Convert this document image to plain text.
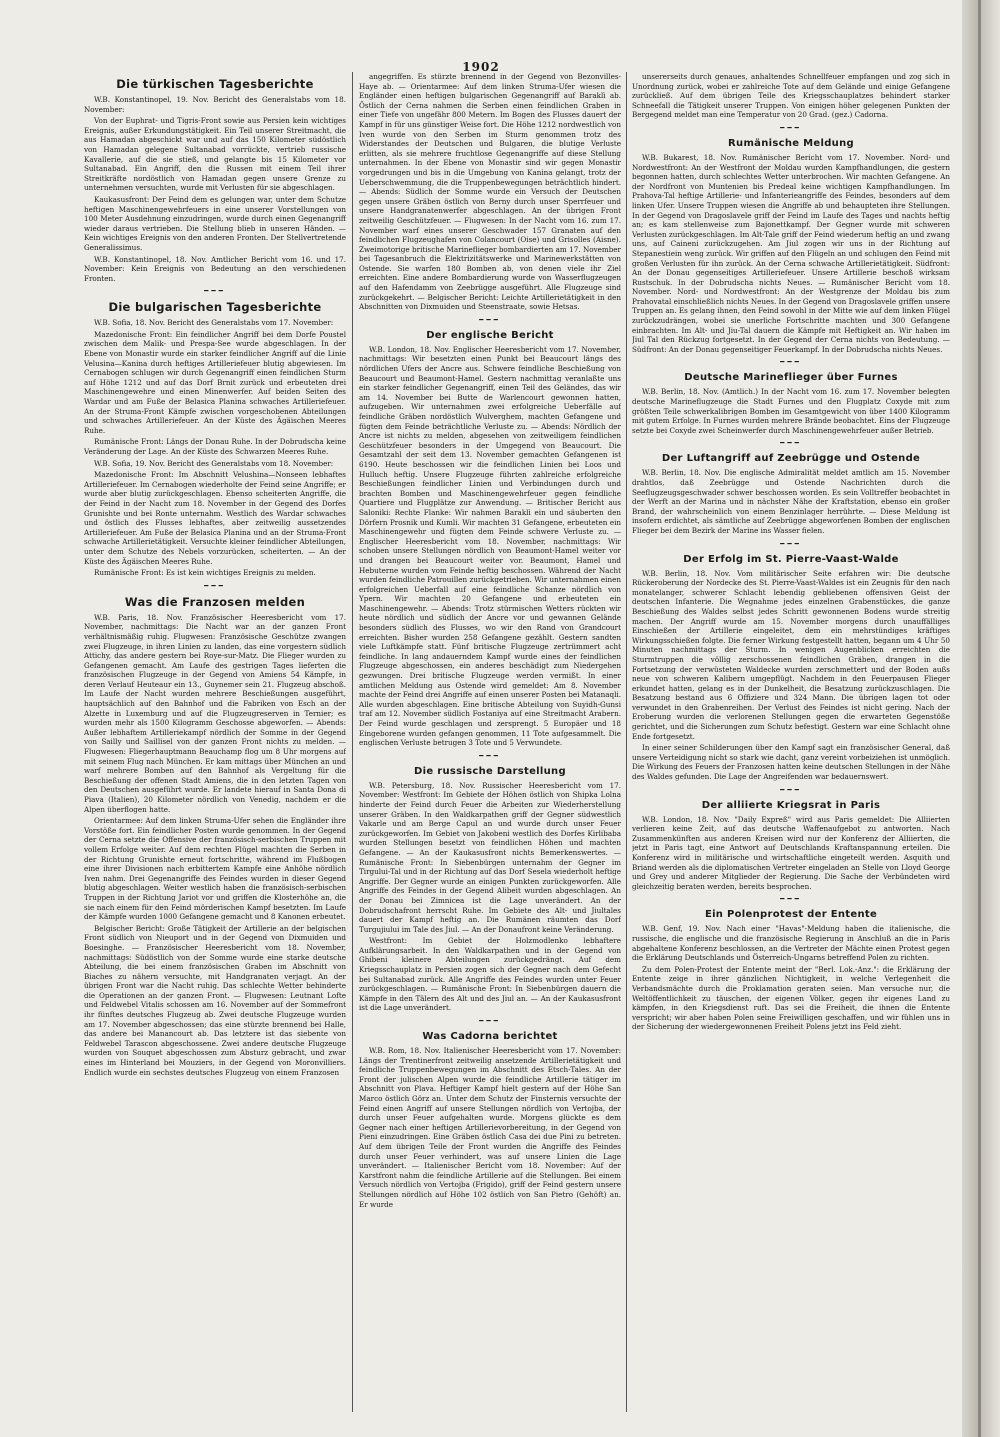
1902
Die türkischen Tagesberichte

W.B. Konstantinopel, 19. Nov. Bericht des Generalstabs vom 18. November:

Von der Euphrat- und Tigris-Front sowie aus Persien kein wichtiges Ereignis, außer Erkundungstätigkeit. Ein Teil unserer Streitmacht, die aus Hamadan abgeschickt war und auf das 150 Kilometer südöstlich von Hamadan gelegene Sultanabad vorrückte, vertrieb russische Kavallerie, auf die sie stieß, und gelangte bis 15 Kilometer vor Sultanabad. Ein Angriff, den die Russen mit einem Teil ihrer Streitkräfte nordöstlich von Hamadan gegen unsere Grenze zu unternehmen versuchten, wurde mit Verlusten für sie abgeschlagen.

Kaukasusfront: Der Feind dem es gelungen war, unter dem Schutze heftigen Maschinengewehrfeuers in eine unserer Vorstellungen von 100 Meter Ausdehnung einzudringen, wurde durch einen Gegenangriff wieder daraus vertrieben. Die Stellung blieb in unseren Händen. — Kein wichtiges Ereignis von den anderen Fronten. Der Stellvertretende Generalissimus.

W.B. Konstantinopel, 18. Nov. Amtlicher Bericht vom 16. und 17. November: Kein Ereignis von Bedeutung an den verschiedenen Fronten.

━━━
Die bulgarischen Tagesberichte

W.B. Sofia, 18. Nov. Bericht des Generalstabs vom 17. November:

Mazedonische Front: Ein feindlicher Angriff bei dem Dorfe Poustel zwischen dem Malik- und Prespa-See wurde abgeschlagen. In der Ebene von Monastir wurde ein starker feindlicher Angriff auf die Linie Velusina—Kanina durch heftiges Artilleriefeuer blutig abgewiesen. Im Cernabogen schlugen wir durch Gegenangriff einen feindlichen Sturm auf Höhe 1212 und auf das Dorf Brnit zurück und erbeuteten drei Maschinengewehre und einen Minenwerfer. Auf beiden Seiten des Wardar und am Fuße der Belasica Planina schwaches Artilleriefeuer. An der Struma-Front Kämpfe zwischen vorgeschobenen Abteilungen und schwaches Artilleriefeuer. An der Küste des Ägäischen Meeres Ruhe.

Rumänische Front: Längs der Donau Ruhe. In der Dobrudscha keine Veränderung der Lage. An der Küste des Schwarzen Meeres Ruhe.

W.B. Sofia, 19. Nov. Bericht des Generalstabs vom 18. November:

Mazedonische Front: Im Abschnitt Velushina—Nonseen lebhaftes Artilleriefeuer. Im Cernabogen wiederholte der Feind seine Angriffe; er wurde aber blutig zurückgeschlagen. Ebenso scheiterten Angriffe, die der Feind in der Nacht zum 18. November in der Gegend des Dorfes Grunishte und bei Ronte unternahm. Westlich des Wardar schwaches und östlich des Flusses lebhaftes, aber zeitweilig aussetzendes Artilleriefeuer. Am Fuße der Belasica Planina und an der Struma-Front schwache Artillerietätigkeit. Versuchte kleiner feindlicher Abteilungen, unter dem Schutze des Nebels vorzurücken, scheiterten. — An der Küste des Ägäischen Meeres Ruhe.

Rumänische Front: Es ist kein wichtiges Ereignis zu melden.

━━━
Was die Franzosen melden

W.B. Paris, 18. Nov. Französischer Heeresbericht vom 17. November, nachmittags: Die Nacht war an der ganzen Front verhältnismäßig ruhig. Flugwesen: Französische Geschütze zwangen zwei Flugzeuge, in ihren Linien zu landen, das eine vorgestern südlich Attichy, das andere gestern bei Roye-sur-Matz. Die Flieger wurden zu Gefangenen gemacht. Am Laufe des gestrigen Tages lieferten die französischen Flugzeuge in der Gegend von Amiens 54 Kämpfe, in deren Verlauf Heuteaur ein 13., Guynemer sein 21. Flugzeug abschoß. Im Laufe der Nacht wurden mehrere Beschießungen ausgeführt, hauptsächlich auf den Bahnhof und die Fabriken von Esch an der Alzette in Luxemburg und auf die Flugzeugreserven in Ternier; es wurden mehr als 1500 Kilogramm Geschosse abgeworfen. — Abends: Außer lebhaftem Artilleriekampf nördlich der Somme in der Gegend von Sailly und Saillisel von der ganzen Front nichts zu melden. — Flugwesen: Fliegerhauptmann Beauchamp flog um 8 Uhr morgens auf mit seinem Flug nach München. Er kam mittags über München an und warf mehrere Bomben auf den Bahnhof als Vergeltung für die Beschießung der offenen Stadt Amiens, die in den letzten Tagen von den Deutschen ausgeführt wurde. Er landete hierauf in Santa Dona di Piava (Italien), 20 Kilometer nördlich von Venedig, nachdem er die Alpen überflogen hatte.

Orientarmee: Auf dem linken Struma-Ufer sehen die Engländer ihre Vorstöße fort. Ein feindlicher Posten wurde genommen. In der Gegend der Cerna setzte die Offensive der französisch-serbischen Truppen mit vollem Erfolge weiter. Auf dem rechten Flügel machten die Serben in der Richtung Grunishte erneut fortschritte, während im Flußbogen eine ihrer Divisionen nach erbittertem Kampfe eine Anhöhe nördlich Iven nahm. Drei Gegenangriffe des Feindes wurden in dieser Gegend blutig abgeschlagen. Weiter westlich haben die französisch-serbischen Truppen in der Richtung Jariot vor und griffen die Klosterhöhe an, die sie nach einem für den Feind mörderischen Kampf besetzten. Im Laufe der Kämpfe wurden 1000 Gefangene gemacht und 8 Kanonen erbeutet.

Belgischer Bericht: Große Tätigkeit der Artillerie an der belgischen Front südlich von Nieuport und in der Gegend von Dixmuiden und Boesinghe. — Französischer Heeresbericht vom 18. November, nachmittags: Südöstlich von der Somme wurde eine starke deutsche Abteilung, die bei einem französischen Graben im Abschnitt von Biaches zu nähern versuchte, mit Handgranaten verjagt. An der übrigen Front war die Nacht ruhig. Das schlechte Wetter behinderte die Operationen an der ganzen Front. — Flugwesen: Leutnant Lofte und Feldwebel Vitalis schossen am 16. November auf der Sommefront ihr fünftes deutsches Flugzeug ab. Zwei deutsche Flugzeuge wurden am 17. November abgeschossen; das eine stürzte brennend bei Halle, das andere bei Manancourt ab. Das letztere ist das siebente von Feldwebel Tarascon abgeschossene. Zwei andere deutsche Flugzeuge wurden von Souquet abgeschossen zum Absturz gebracht, und zwar eines im Hinterland bei Mouziers, in der Gegend von Moronvilliers. Endlich wurde ein sechstes deutsches Flugzeug von einem Franzosen

angegriffen. Es stürzte brennend in der Gegend von Bezonvilles-Haye ab. — Orientarmee: Auf dem linken Struma-Ufer wiesen die Engländer einen heftigen bulgarischen Gegenangriff auf Baraklì ab. Östlich der Cerna nahmen die Serben einen feindlichen Graben in einer Tiefe von ungefähr 800 Metern. Im Bogen des Flusses dauert der Kampf in für uns günstiger Weise fort. Die Höhe 1212 nordwestlich von Iven wurde von den Serben im Sturm genommen trotz des Widerstandes der Deutschen und Bulgaren, die blutige Verluste erlitten, als sie mehrere fruchtlose Gegenangriffe auf diese Stellung unternahmen. In der Ebene von Monastir sind wir gegen Monastir vorgedrungen und bis in die Umgebung von Kanina gelangt, trotz der Ueberschwemmung, die die Truppenbewegungen beträchtlich hindert. — Abends: Südlich der Somme wurde ein Versuch der Deutschen gegen unsere Gräben östlich von Berny durch unser Sperrfeuer und unsere Handgranatenwerfer abgeschlagen. An der übrigen Front zeitweilig Geschützfeuer. — Flugwesen: In der Nacht vom 16. zum 17. November warf eines unserer Geschwader 157 Granaten auf den feindlichen Flugzeughafen von Colancourt (Oise) und Grisolles (Aisne). Zweimotorige britische Marineflieger bombardierten am 17. November bei Tagesanbruch die Elektrizitätswerke und Marinewerkstätten von Ostende. Sie warfen 180 Bomben ab, von denen viele ihr Ziel erreichten. Eine andere Bombardierung wurde von Wasserflugzeugen auf den Hafendamm von Zeebrügge ausgeführt. Alle Flugzeuge sind zurückgekehrt. — Belgischer Bericht: Leichte Artillerietätigkeit in den Abschnitten von Dixmuiden und Steenstraate, sowie Hetsas.

━━━
Der englische Bericht

W.B. London, 18. Nov. Englischer Heeresbericht vom 17. November, nachmittags: Wir besetzten einen Punkt bei Beaucourt längs des nördlichen Ufers der Ancre aus. Schwere feindliche Beschießung von Beaucourt und Beaumont-Hamel. Gestern nachmittag veranlaßte uns ein starker feindlicher Gegenangriff, einen Teil des Geländes, das wir am 14. November bei Butte de Warlencourt gewonnen hatten, aufzugeben. Wir unternahmen zwei erfolgreiche Ueberfälle auf feindliche Gräben nordöstlich Wulverghem, machten Gefangene und fügten dem Feinde beträchtliche Verluste zu. — Abends: Nördlich der Ancre ist nichts zu melden, abgesehen von zeitweiligem feindlichen Geschützfeuer besonders in der Umgegend von Beaucourt. Die Gesamtzahl der seit dem 13. November gemachten Gefangenen ist 6190. Heute beschossen wir die feindlichen Linien bei Loos und Hulluch heftig. Unsere Flugzeuge führten zahlreiche erfolgreiche Beschießungen feindlicher Linien und Verbindungen durch und brachten Bomben und Maschinengewehrfeuer gegen feindliche Quartiere und Flugplätze zur Anwendung. — Britischer Bericht aus Saloniki: Rechte Flanke: Wir nahmen Baraklì ein und säuberten den Dörfern Prosnik und Kumli. Wir machten 31 Gefangene, erbeuteten ein Maschinengewehr und fügten dem Feinde schwere Verluste zu. — Englischer Heeresbericht vom 18. November, nachmittags: Wir schoben unsere Stellungen nördlich von Beaumont-Hamel weiter vor und drangen bei Beaucourt weiter vor. Beaumont, Hamel und Hebuterne wurden vom Feinde heftig beschossen. Während der Nacht wurden feindliche Patrouillen zurückgetrieben. Wir unternahmen einen erfolgreichen Ueberfall auf eine feindliche Schanze nördlich von Ypern. Wir machten 20 Gefangene und erbeuteten ein Maschinengewehr. — Abends: Trotz stürmischen Wetters rückten wir heute nördlich und südlich der Ancre vor und gewannen Gelände besonders südlich des Flusses, wo wir den Rand von Grandcourt erreichten. Bisher wurden 258 Gefangene gezählt. Gestern sandten viele Luftkämpfe statt. Fünf britische Flugzeuge zertrümmert acht feindliche. In lang andauerndem Kampf wurde eines der feindlichen Flugzeuge abgeschossen, ein anderes beschädigt zum Niedergehen gezwungen. Drei britische Flugzeuge werden vermißt. In einer amtlichen Meldung aus Ostende wird gemeldet: Am 8. November machte der Feind drei Angriffe auf einen unserer Posten bei Matanaqli. Alle wurden abgeschlagen. Eine britische Abteilung von Suyidh-Gunsi traf am 12. November südlich Fostaniya auf eine Streitmacht Arabern. Der Feind wurde geschlagen und zersprengt. 5 Europäer und 18 Eingeborene wurden gefangen genommen, 11 Tote aufgesammelt. Die englischen Verluste betrugen 3 Tote und 5 Verwundete.

━━━
Die russische Darstellung

W.B. Petersburg, 18. Nov. Russischer Heeresbericht vom 17. November: Westfront: Im Gebiete der Höhen östlich von Shipka Lolna hinderte der Feind durch Feuer die Arbeiten zur Wiederherstellung unserer Gräben. In den Waldkarpathen griff der Gegner südwestlich Vakarle und am Berge Capul an und wurde durch unser Feuer zurückgeworfen. Im Gebiet von Jakobeni westlich des Dorfes Kirlibaba wurden Stellungen besetzt von feindlichen Höhen und machten Gefangene. — An der Kaukasusfront nichts Bemerkenswertes. — Rumänische Front: In Siebenbürgen unternahm der Gegner im Tirgului-Tal und in der Richtung auf das Dorf Sesela wiederholt heftige Angriffe. Der Gegner wurde an einigen Punkten zurückgeworfen. Alle Angriffe des Feindes in der Gegend Alibeit wurden abgeschlagen. An der Donau bei Zimnicea ist die Lage unverändert. An der Dobrudschafront herrscht Ruhe. Im Gebiete des Alt- und Jiultales dauert der Kampf heftig an. Die Rumänen räumten das Dorf Turgujiului im Tale des Jiul. — An der Donaufront keine Veränderung.

Westfront: Im Gebiet der Holzmodlenko lebhaftere Aufklärungsarbeit. In den Waldkarpathen und in der Gegend von Ghibeni kleinere Abteilungen zurückgedrängt. Auf dem Kriegsschauplatz in Persien zogen sich der Gegner nach dem Gefecht bei Sultanabad zurück. Alle Angriffe des Feindes wurden unter Feuer zurückgeschlagen. — Rumänische Front: In Siebenbürgen dauern die Kämpfe in den Tälern des Alt und des Jiul an. — An der Kaukasusfront ist die Lage unverändert.

━━━
Was Cadorna berichtet

W.B. Rom, 18. Nov. Italienischer Heeresbericht vom 17. November: Längs der Trentinerfront zeitweilig ansetzende Artillerietätigkeit und feindliche Truppenbewegungen im Abschnitt des Etsch-Tales. An der Front der julischen Alpen wurde die feindliche Artillerie tätiger im Abschnitt von Plava. Heftiger Kampf hielt gestern auf der Höhe San Marco östlich Görz an. Unter dem Schutz der Finsternis versuchte der Feind einen Angriff auf unsere Stellungen nördlich von Vertojba, der durch unser Feuer aufgehalten wurde. Morgens glückte es dem Gegner nach einer heftigen Artillerievorbereitung, in der Gegend von Pieni einzudringen. Eine Gräben östlich Casa dei due Pini zu betreten. Auf dem übrigen Teile der Front wurden die Angriffe des Feindes durch unser Feuer verhindert, was auf unsere Linien die Lage unverändert. — Italienischer Bericht vom 18. November: Auf der Karstfront nahm die feindliche Artillerie auf die Stellungen. Bei einem Versuch nördlich von Vertojba (Frigido), griff der Feind gestern unsere Stellungen nördlich auf Höhe 102 östlich von San Pietro (Gehöft) an. Er wurde

unsererseits durch genaues, anhaltendes Schnellfeuer empfangen und zog sich in Unordnung zurück, wobei er zahlreiche Tote auf dem Gelände und einige Gefangene zurückließ. Auf dem übrigen Teile des Kriegsschauplatzes behindert starker Schneefall die Tätigkeit unserer Truppen. Von einigen höher gelegenen Punkten der Bergegend meldet man eine Temperatur von 20 Grad. (gez.) Cadorna.

━━━
Rumänische Meldung

W.B. Bukarest, 18. Nov. Rumänischer Bericht vom 17. November. Nord- und Nordwestfront: An der Westfront der Moldau wurden Kampfhandlungen, die gestern begonnen hatten, durch schlechtes Wetter unterbrochen. Wir machten Gefangene. An der Nordfront von Muntenien bis Predeal keine wichtigen Kampfhandlungen. Im Prahova-Tal heftige Artillerie- und Infanterieangriffe des Feindes, besonders auf dem linken Ufer. Unsere Truppen wiesen die Angriffe ab und behaupteten ihre Stellungen. In der Gegend von Dragoslavele griff der Feind im Laufe des Tages und nachts heftig an; es kam stellenweise zum Bajonettkampf. Der Gegner wurde mit schweren Verlusten zurückgeschlagen. Im Alt-Tale griff der Feind wiederum heftig an und zwang uns, auf Caineni zurückzugehen. Am Jiul zogen wir uns in der Richtung auf Stepanestiein weng zurück. Wir griffen auf den Flügeln an und schlugen den Feind mit großen Verlusten für ihn zurück. An der Cerna schwache Artillerietätigkeit. Südfront: An der Donau gegenseitiges Artilleriefeuer. Unsere Artillerie beschoß wirksam Rustschuk. In der Dobrudscha nichts Neues. — Rumänischer Bericht vom 18. November. Nord- und Nordwestfront: An der Westgrenze der Moldau bis zum Prahovatal einschließlich nichts Neues. In der Gegend von Dragoslavele griffen unsere Truppen an. Es gelang ihnen, den Feind sowohl in der Mitte wie auf dem linken Flügel zurückzudrängen, wobei sie unerliche Fortschritte machten und 300 Gefangene einbrachten. Im Alt- und Jiu-Tal dauern die Kämpfe mit Heftigkeit an. Wir haben im Jiul Tal den Rückzug fortgesetzt. In der Gegend der Cerna nichts von Bedeutung. — Südfront: An der Donau gegenseitiger Feuerkampf. In der Dobrudscha nichts Neues.

━━━
Deutsche Marineflieger über Furnes

W.B. Berlin, 18. Nov. (Amtlich.) In der Nacht vom 16. zum 17. November belegten deutsche Marineflugzeuge die Stadt Furnes und den Flugplatz Coxyde mit zum größten Teile schwerkalibrigen Bomben im Gesamtgewicht von über 1400 Kilogramm mit gutem Erfolge. In Furnes wurden mehrere Brände beobachtet. Eins der Flugzeuge setzte bei Coxyde zwei Scheinwerfer durch Maschinengewehrfeuer außer Betrieb.

━━━
Der Luftangriff auf Zeebrügge und Ostende

W.B. Berlin, 18. Nov. Die englische Admiralität meldet amtlich am 15. November drahtlos, daß Zeebrügge und Ostende Nachrichten durch die Seeflugzeugsgeschwader schwer beschossen worden. Es sein Volltreffer beobachtet in der Werft an der Marina und in nächster Nähe der Kraftstation, ebenso ein großer Brand, der wahrscheinlich von einem Benzinlager herrührte. — Diese Meldung ist insofern erdichtet, als sämtliche auf Zeebrügge abgeworfenen Bomben der englischen Flieger bei dem Bezirk der Marine ins Wasser fielen.

━━━
Der Erfolg im St. Pierre-Vaast-Walde

W.B. Berlin, 18. Nov. Vom militärischer Seite erfahren wir: Die deutsche Rückeroberung der Nordecke des St. Pierre-Vaast-Waldes ist ein Zeugnis für den nach monatelanger, schwerer Schlacht lebendig gebliebenen offensiven Geist der deutschen Infanterie. Die Wegnahme jedes einzelnen Grabenstückes, die ganze Beschießung des Waldes selbst jedes Schritt gewonnenen Bodens wurde streitig machen. Der Angriff wurde am 15. November morgens durch unauffälliges Einschießen der Artillerie eingeleitet, dem ein mehrstündiges kräftiges Wirkungsschießen folgte. Die ferner Wirkung festgestellt hatten, begann um 4 Uhr 50 Minuten nachmittags der Sturm. In wenigen Augenblicken erreichten die Sturmtruppen die völlig zerschossenen feindlichen Gräben, drangen in die Fortsetzung der verwüsteten Waldecke wurden zerschmettert und der Boden außs neue von schweren Kalibern umgepflügt. Nachdem in den Feuerpausen Flieger erkundet hatten, gelang es in der Dunkelheit, die Besatzung zurückzuschlagen. Die Besatzung bestand aus 6 Offiziere und 324 Mann. Die übrigen lagen tot oder verwundet in den Grabenreihen. Der Verlust des Feindes ist nicht gering. Nach der Eroberung wurden die verlorenen Stellungen gegen die erwarteten Gegenstöße gerichtet, und die Sicherungen zum Schutz befestigt. Gestern war eine Schlacht ohne Ende fortgesetzt.

In einer seiner Schilderungen über den Kampf sagt ein französischer General, daß unsere Verteidigung nicht so stark wie dacht, ganz vereint vorbeiziehen ist unmöglich. Die Wirkung des Feuers der Franzosen hatten keine deutschen Stellungen in der Nähe des Waldes gefunden. Die Lage der Angreifenden war bedauernswert.

━━━
Der alliierte Kriegsrat in Paris

W.B. London, 18. Nov. "Daily Expreß" wird aus Paris gemeldet: Die Alliierten verlieren keine Zeit, auf das deutsche Waffenaufgebot zu antworten. Nach Zusammenkünften aus anderen Kreisen wird nur der Konferenz der Alliierten, die jetzt in Paris tagt, eine Antwort auf Deutschlands Kraftanspannung erteilen. Die Konferenz wird in militärische und wirtschaftliche eingeteilt werden. Asquith und Briand werden als die diplomatischen Vertreter eingeladen an Stelle von Lloyd George und Grey und anderer Mitglieder der Regierung. Die Sache der Verbündeten wird gleichzeitig beraten werden, bereits besprochen.

━━━
Ein Polenprotest der Entente

W.B. Genf, 19. Nov. Nach einer "Havas"-Meldung haben die italienische, die russische, die englische und die französische Regierung in Anschluß an die in Paris abgehaltene Konferenz beschlossen, an die Vertreter der Mächte einen Protest gegen die Erklärung Deutschlands und Österreich-Ungarns betreffend Polen zu richten.

Zu dem Polen-Protest der Entente meint der "Berl. Lok.-Anz.": die Erklärung der Entente zeige in ihrer gänzlichen Nichtigkeit, in welche Verlegenheit die Verbandsmächte durch die Proklamation geraten seien. Man versuche nur, die Weltöffentlichkeit zu täuschen, der eigenen Völker, gegen ihr eigenes Land zu kämpfen, in den Kriegsdienst ruft. Das sei die Freiheit, die ihnen die Entente verspricht; wir aber haben Polen seine Freiwilligen geschaffen, und wir fühlen uns in der Sicherung der wiedergewonnenen Freiheit Polens jetzt ins Feld zieht.
